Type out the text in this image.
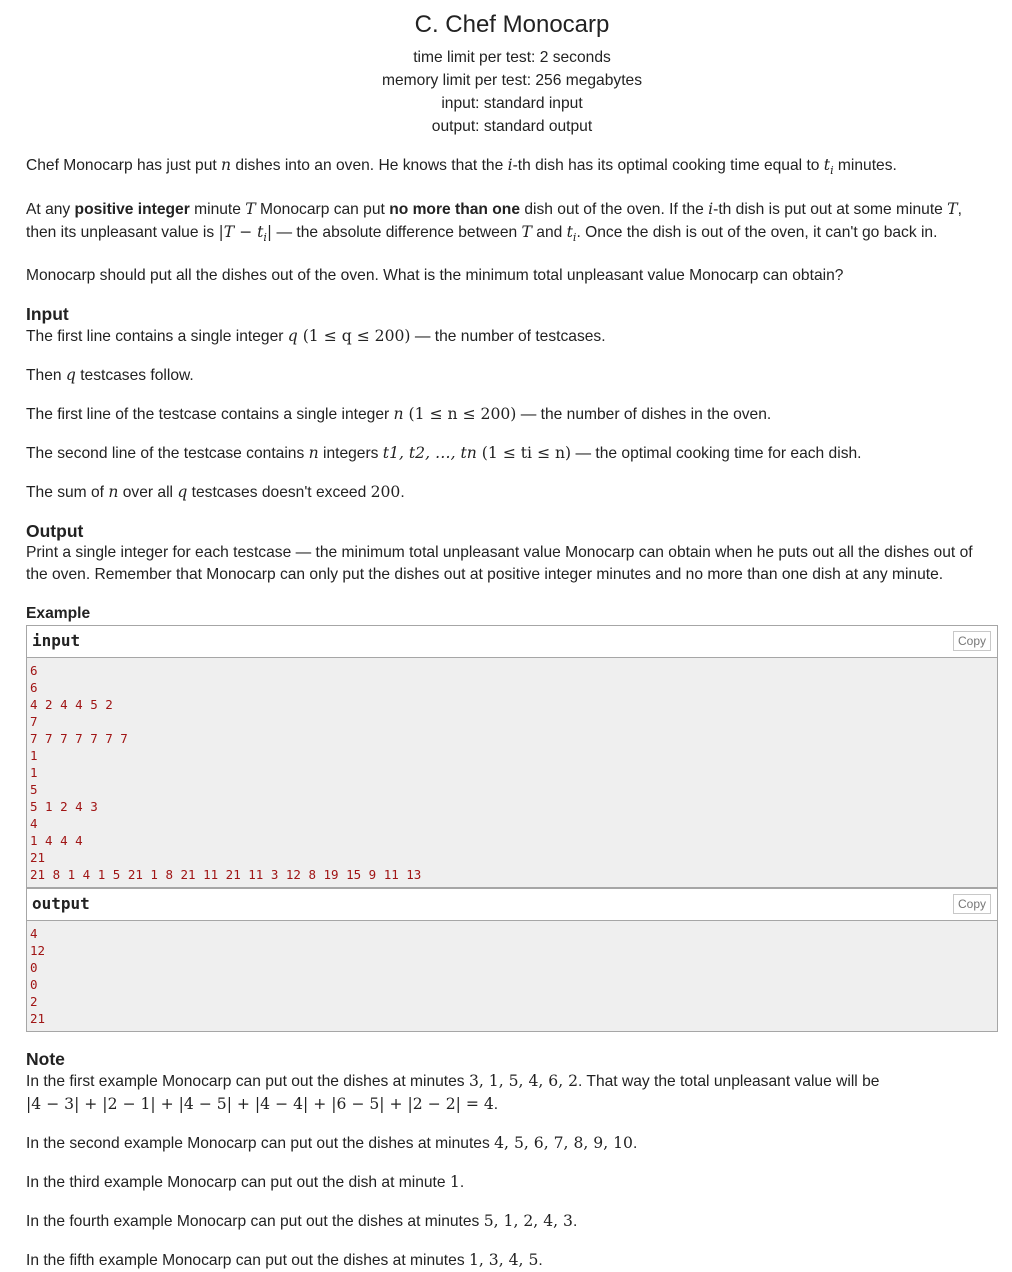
C. Chef Monocarp
time limit per test: 2 seconds
memory limit per test: 256 megabytes
input: standard input
output: standard output

Chef Monocarp has just put n dishes into an oven. He knows that the i-th dish has its optimal cooking time equal to $t_i$ minutes.

At any positive integer minute T Monocarp can put no more than one dish out of the oven. If the i-th dish is put out at some minute T,
then its unpleasant value is $|T - t_i|$ — the absolute difference between T and $t_i$. Once the dish is out of the oven, it can't go back in.

Monocarp should put all the dishes out of the oven. What is the minimum total unpleasant value Monocarp can obtain?

Input

The first line contains a single integer q (1 ≤ q ≤ 200) — the number of testcases.

Then q testcases follow.

The first line of the testcase contains a single integer n (1 ≤ n ≤ 200) — the number of dishes in the oven.

The second line of the testcase contains n integers t1, t2, …, tn (1 ≤ ti ≤ n) — the optimal cooking time for each dish.

The sum of n over all q testcases doesn't exceed 200.

Output

Print a single integer for each testcase — the minimum total unpleasant value Monocarp can obtain when he puts out all the dishes out of the oven. Remember that Monocarp can only put the dishes out at positive integer minutes and no more than one dish at any minute.

Example
input	Copy
6
6
4 2 4 4 5 2
7
7 7 7 7 7 7 7
1
1
5
5 1 2 4 3
4
1 4 4 4
21
21 8 1 4 1 5 21 1 8 21 11 21 11 3 12 8 19 15 9 11 13
output	Copy
4
12
0
0
2
21
Note

In the first example Monocarp can put out the dishes at minutes 3, 1, 5, 4, 6, 2. That way the total unpleasant value will be
|4 − 3| + |2 − 1| + |4 − 5| + |4 − 4| + |6 − 5| + |2 − 2| = 4.

In the second example Monocarp can put out the dishes at minutes 4, 5, 6, 7, 8, 9, 10.

In the third example Monocarp can put out the dish at minute 1.

In the fourth example Monocarp can put out the dishes at minutes 5, 1, 2, 4, 3.

In the fifth example Monocarp can put out the dishes at minutes 1, 3, 4, 5.
